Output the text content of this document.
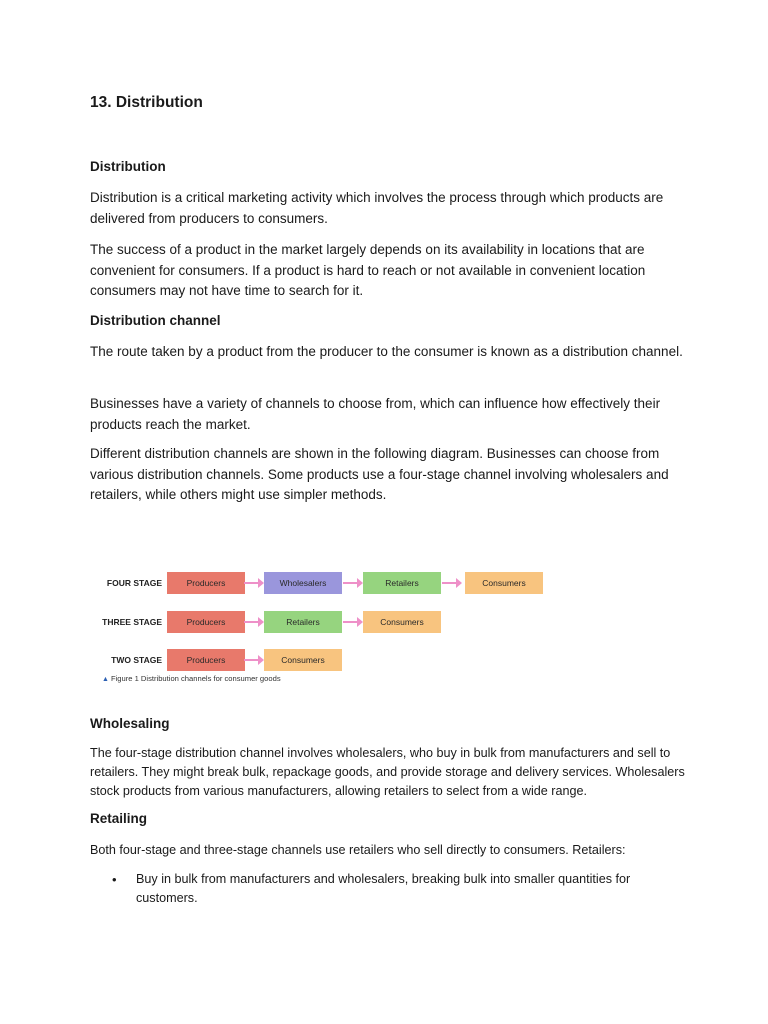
13. Distribution
Distribution

Distribution is a critical marketing activity which involves the process through which products are delivered from producers to consumers.

The success of a product in the market largely depends on its availability in locations that are convenient for consumers. If a product is hard to reach or not available in convenient location consumers may not have time to search for it.

Distribution channel

The route taken by a product from the producer to the consumer is known as a distribution channel.

Businesses have a variety of channels to choose from, which can influence how effectively their products reach the market.

Different distribution channels are shown in the following diagram. Businesses can choose from various distribution channels. Some products use a four-stage channel involving wholesalers and retailers, while others might use simpler methods.

FOUR STAGE	Producers	Wholesalers	Retailers	Consumers
THREE STAGE	Producers	Retailers	Consumers
TWO STAGE	Producers	Consumers
▲ Figure 1 Distribution channels for consumer goods
Wholesaling

The four-stage distribution channel involves wholesalers, who buy in bulk from manufacturers and sell to retailers. They might break bulk, repackage goods, and provide storage and delivery services. Wholesalers stock products from various manufacturers, allowing retailers to select from a wide range.

Retailing

Both four-stage and three-stage channels use retailers who sell directly to consumers. Retailers:

• Buy in bulk from manufacturers and wholesalers, breaking bulk into smaller quantities for customers.
